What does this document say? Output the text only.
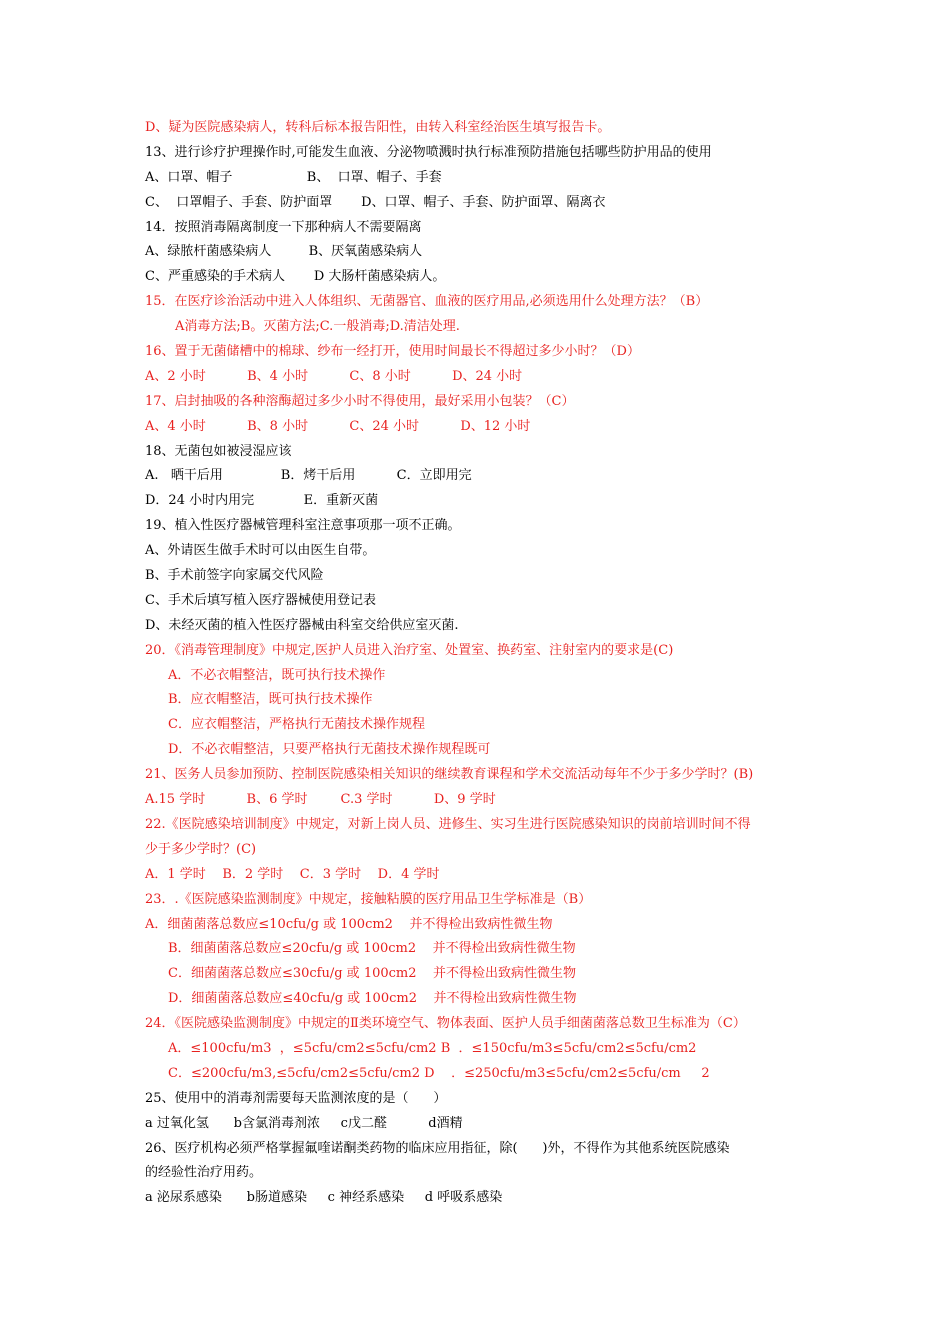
D、疑为医院感染病人，转科后标本报告阳性，由转入科室经治医生填写报告卡。
13、进行诊疗护理操作时,可能发生血液、分泌物喷溅时执行标准预防措施包括哪些防护用品的使用
A、口罩、帽子                  B、  口罩、帽子、手套
C、  口罩帽子、手套、防护面罩       D、口罩、帽子、手套、防护面罩、隔离衣
14．按照消毒隔离制度一下那种病人不需要隔离
A、绿脓杆菌感染病人         B、厌氧菌感染病人
C、严重感染的手术病人       D 大肠杆菌感染病人。
15．在医疗诊治活动中进入人体组织、无菌器官、血液的医疗用品,必须选用什么处理方法？（B）
A消毒方法;B。灭菌方法;C.一般消毒;D.清洁处理.
16、置于无菌储槽中的棉球、纱布一经打开，使用时间最长不得超过多少小时？（D）
A、2 小时          B、4 小时          C、8 小时          D、24 小时
17、启封抽吸的各种溶酶超过多少小时不得使用，最好采用小包装？（C）
A、4 小时          B、8 小时          C、24 小时          D、12 小时
18、无菌包如被浸湿应该
A.   晒干后用              B．烤干后用          C．立即用完
D．24 小时内用完            E．重新灭菌
19、植入性医疗器械管理科室注意事项那一项不正确。
A、外请医生做手术时可以由医生自带。
B、手术前签字向家属交代风险
C、手术后填写植入医疗器械使用登记表
D、未经灭菌的植入性医疗器械由科室交给供应室灭菌.
20．《消毒管理制度》中规定,医护人员进入治疗室、处置室、换药室、注射室内的要求是(C)
A．不必衣帽整洁，既可执行技术操作
B．应衣帽整洁，既可执行技术操作
C．应衣帽整洁，严格执行无菌技术操作规程
D．不必衣帽整洁，只要严格执行无菌技术操作规程既可
21、医务人员参加预防、控制医院感染相关知识的继续教育课程和学术交流活动每年不少于多少学时？(B)
A.15 学时          B、6 学时        C.3 学时          D、9 学时
22.《医院感染培训制度》中规定，对新上岗人员、进修生、实习生进行医院感染知识的岗前培训时间不得
少于多少学时？(C)
A．1 学时    B．2 学时    C．3 学时    D．4 学时
23．.《医院感染监测制度》中规定，接触粘膜的医疗用品卫生学标准是（B）
A．细菌菌落总数应≤10cfu/g 或 100cm2    并不得检出致病性微生物
B．细菌菌落总数应≤20cfu/g 或 100cm2    并不得检出致病性微生物
C．细菌菌落总数应≤30cfu/g 或 100cm2    并不得检出致病性微生物
D．细菌菌落总数应≤40cfu/g 或 100cm2    并不得检出致病性微生物
24．《医院感染监测制度》中规定的Ⅱ类环境空气、物体表面、医护人员手细菌菌落总数卫生标准为（C）
A．≤100cfu/m3  ，≤5cfu/cm2≤5cfu/cm2 B  ．≤150cfu/m3≤5cfu/cm2≤5cfu/cm2
C．≤200cfu/m3,≤5cfu/cm2≤5cfu/cm2 D    ．≤250cfu/m3≤5cfu/cm2≤5cfu/cm     2
25、使用中的消毒剂需要每天监测浓度的是（      ）
a 过氧化氢      b含氯消毒剂浓     c戊二醛          d酒精
26、医疗机构必须严格掌握氟喹诺酮类药物的临床应用指征，除(      )外，不得作为其他系统医院感染
的经验性治疗用药。
a 泌尿系感染      b肠道感染     c 神经系感染     d 呼吸系感染
